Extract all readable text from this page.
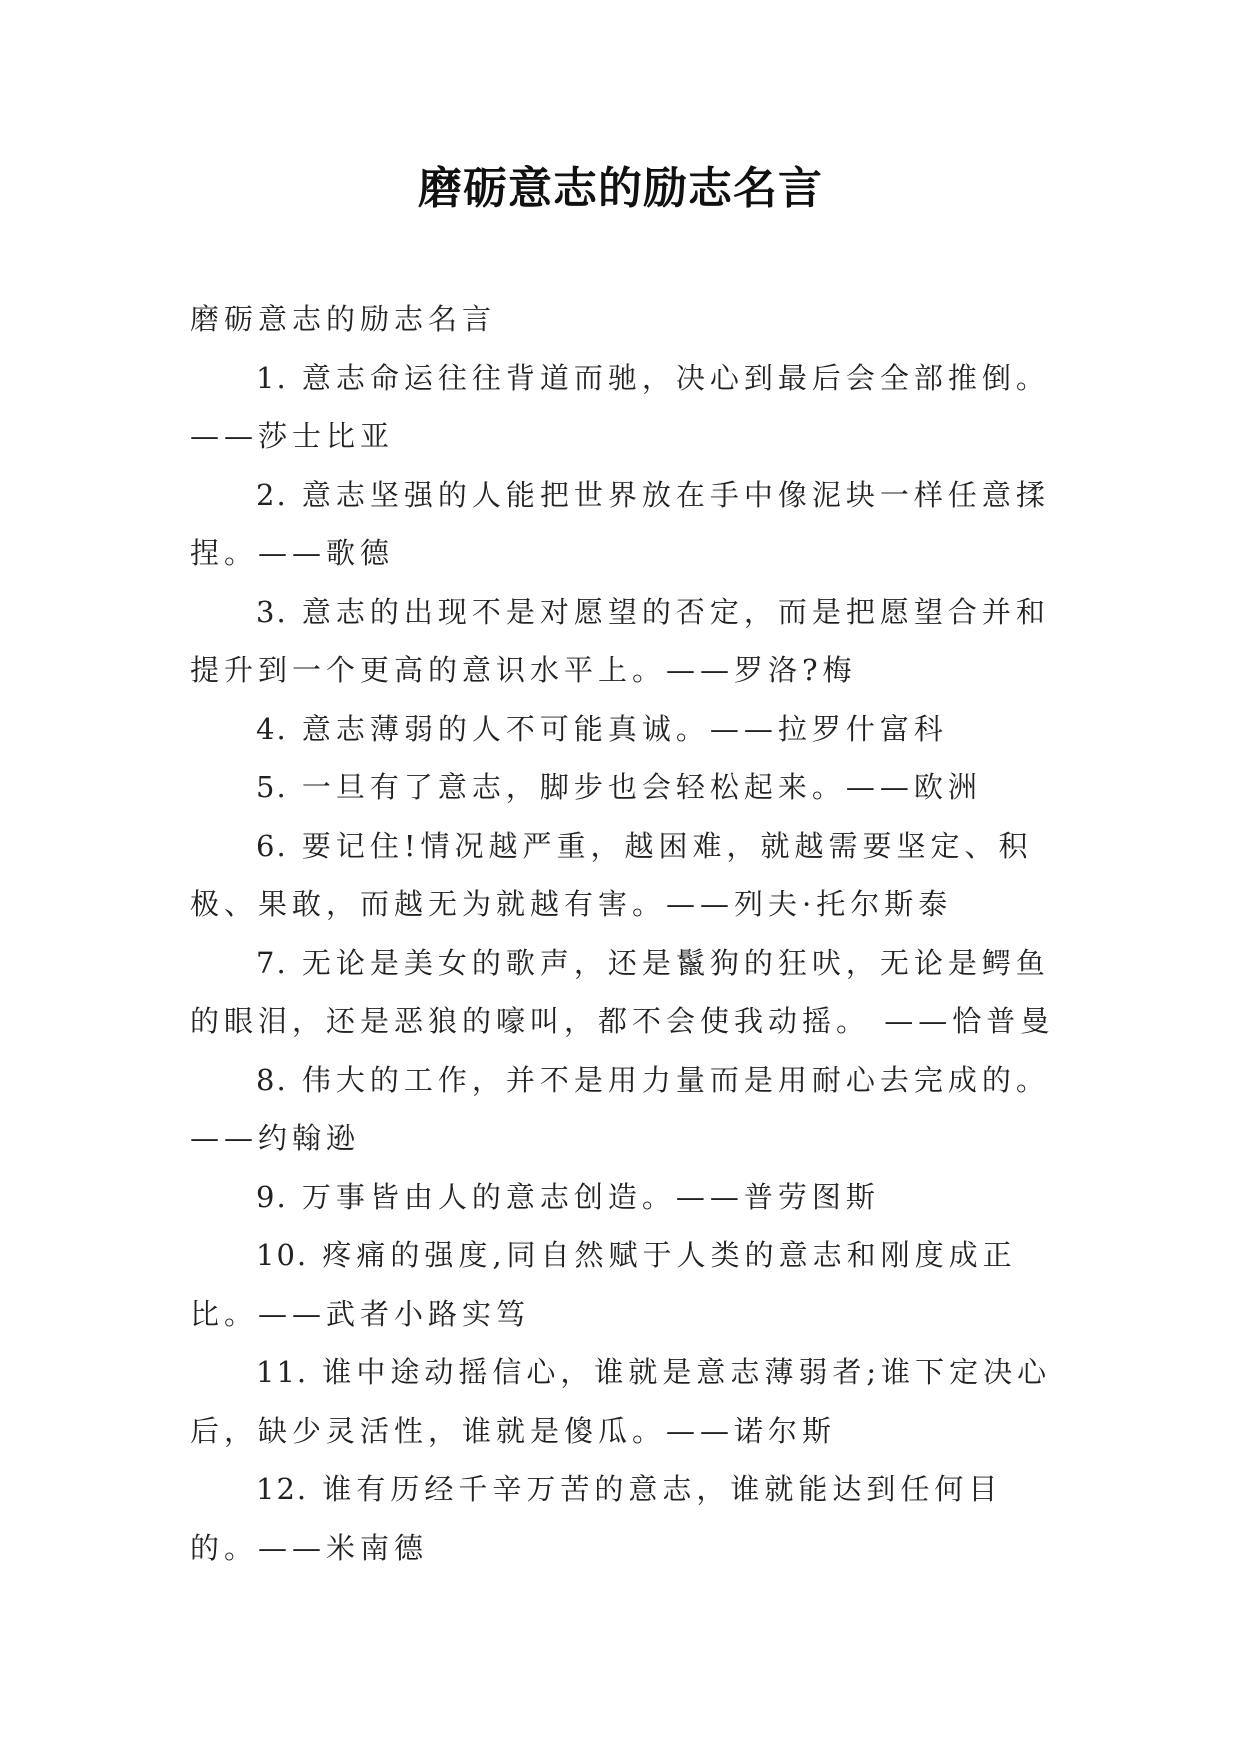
磨砺意志的励志名言

磨砺意志的励志名言

1. 意志命运往往背道而驰，决心到最后会全部推倒。——莎士比亚

2. 意志坚强的人能把世界放在手中像泥块一样任意揉捏。——歌德

3. 意志的出现不是对愿望的否定，而是把愿望合并和提升到一个更高的意识水平上。——罗洛?梅

4. 意志薄弱的人不可能真诚。——拉罗什富科

5. 一旦有了意志，脚步也会轻松起来。——欧洲

6. 要记住!情况越严重，越困难，就越需要坚定、积极、果敢，而越无为就越有害。——列夫·托尔斯泰

7. 无论是美女的歌声，还是鬣狗的狂吠，无论是鳄鱼的眼泪，还是恶狼的嚎叫，都不会使我动摇。 ——恰普曼

8. 伟大的工作，并不是用力量而是用耐心去完成的。——约翰逊

9. 万事皆由人的意志创造。——普劳图斯

10. 疼痛的强度,同自然赋于人类的意志和刚度成正比。——武者小路实笃

11. 谁中途动摇信心，谁就是意志薄弱者;谁下定决心后，缺少灵活性，谁就是傻瓜。——诺尔斯

12. 谁有历经千辛万苦的意志，谁就能达到任何目的。——米南德
